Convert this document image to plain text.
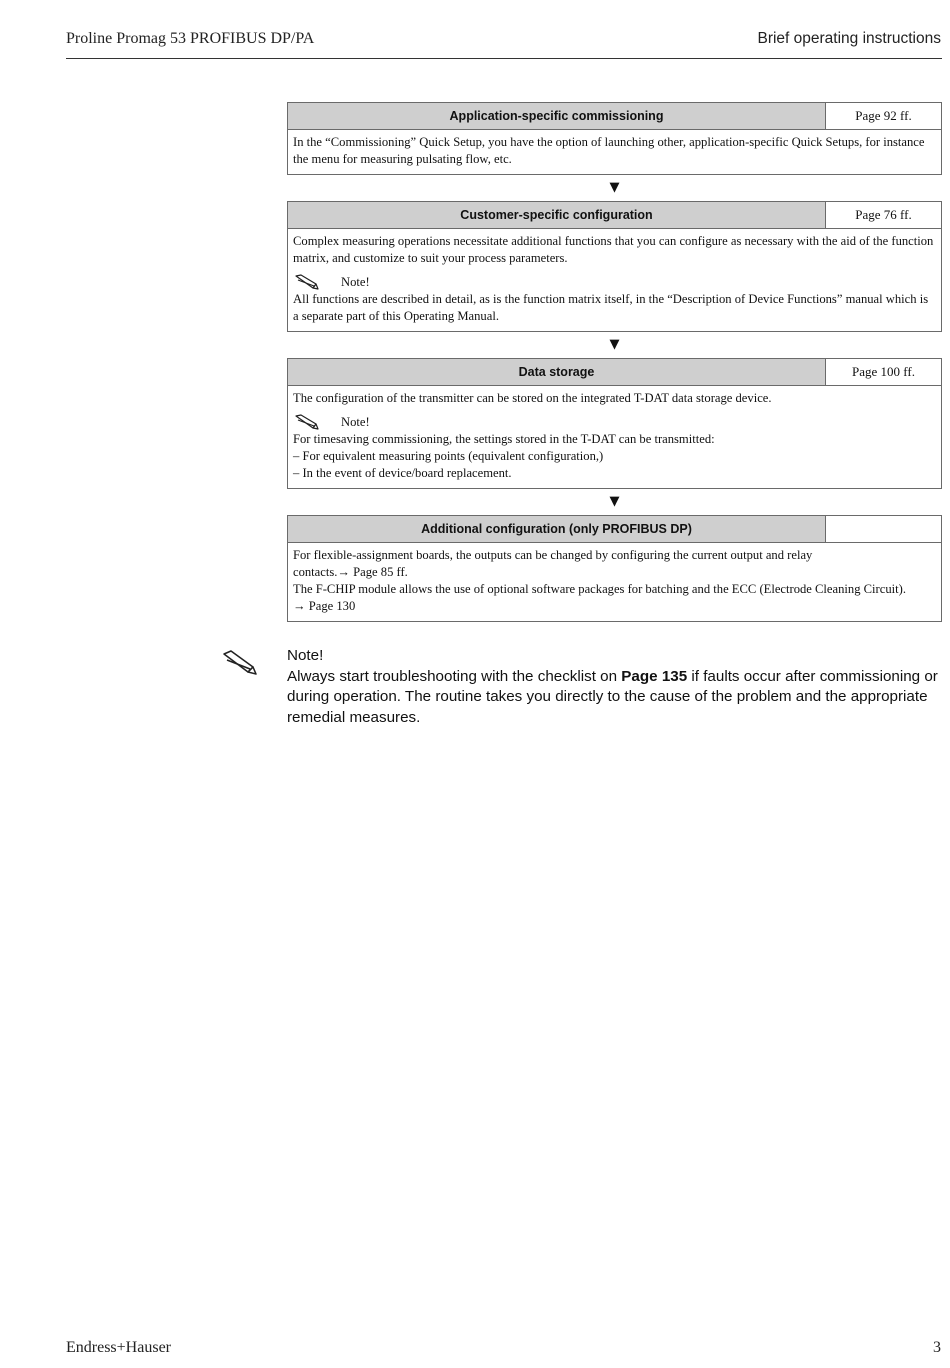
Proline Promag 53 PROFIBUS DP/PA	Brief operating instructions
Application-specific commissioning	Page 92 ff.
In the “Commissioning” Quick Setup, you have the option of launching other, application-specific Quick Setups, for instance the menu for measuring pulsating flow, etc.
▼
Customer-specific configuration	Page 76 ff.
Complex measuring operations necessitate additional functions that you can configure as necessary with the aid of the function matrix, and customize to suit your process parameters.
Note!
All functions are described in detail, as is the function matrix itself, in the “Description of Device Functions” manual which is a separate part of this Operating Manual.
▼
Data storage	Page 100 ff.
The configuration of the transmitter can be stored on the integrated T-DAT data storage device.
Note!
For timesaving commissioning, the settings stored in the T-DAT can be transmitted:
– For equivalent measuring points (equivalent configuration,)
– In the event of device/board replacement.
▼
Additional configuration (only PROFIBUS DP)
For flexible-assignment boards, the outputs can be changed by configuring the current output and relay
contacts.→ Page 85 ff.
The F-CHIP module allows the use of optional software packages for batching and the ECC (Electrode Cleaning Circuit).
→ Page 130
Note!
Always start troubleshooting with the checklist on Page 135 if faults occur after commissioning or during operation. The routine takes you directly to the cause of the problem and the appropriate remedial measures.
Endress+Hauser	3
